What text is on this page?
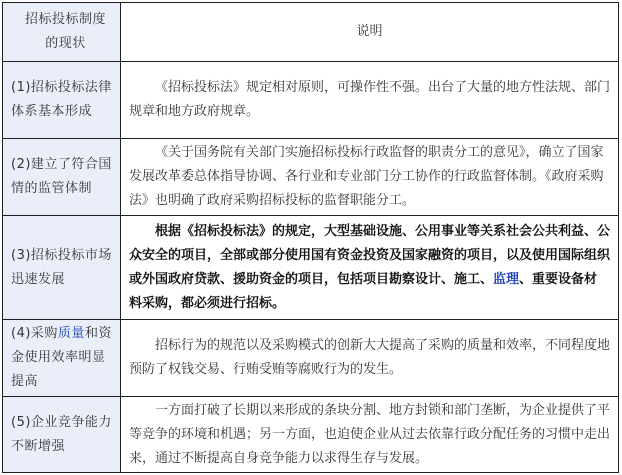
招标投标制度的现状	说明

(1)招标投标法律体系基本形成	《招标投标法》规定相对原则，可操作性不强。出台了大量的地方性法规、部门规章和地方政府规章。

(2)建立了符合国情的监管体制	《关于国务院有关部门实施招标投标行政监督的职责分工的意见》，确立了国家发展改革委总体指导协调、各行业和专业部门分工协作的行政监督体制。《政府采购法》也明确了政府采购招标投标的监督职能分工。

(3)招标投标市场迅速发展	根据《招标投标法》的规定，大型基础设施、公用事业等关系社会公共利益、公众安全的项目，全部或部分使用国有资金投资及国家融资的项目，以及使用国际组织或外国政府贷款、援助资金的项目，包括项目勘察设计、施工、监理、重要设备材料采购，都必须进行招标。

(4)采购质量和资金使用效率明显提高	招标行为的规范以及采购模式的创新大大提高了采购的质量和效率，不同程度地预防了权钱交易、行贿受贿等腐败行为的发生。

(5)企业竞争能力不断增强	一方面打破了长期以来形成的条块分割、地方封锁和部门垄断，为企业提供了平等竞争的环境和机遇；另一方面，也迫使企业从过去依靠行政分配任务的习惯中走出来，通过不断提高自身竞争能力以求得生存与发展。
